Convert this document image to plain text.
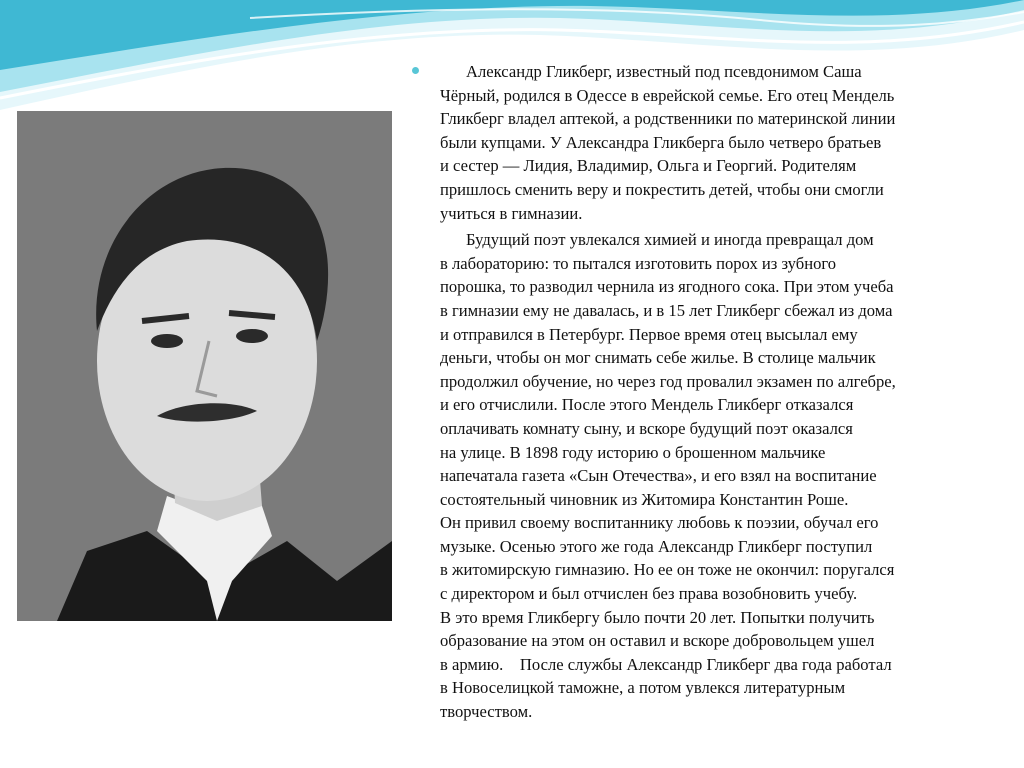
Александр Гликберг, известный под псевдонимом Саша
Чёрный, родился в Одессе в еврейской семье. Его отец Мендель
Гликберг владел аптекой, а родственники по материнской линии
были купцами. У Александра Гликберга было четверо братьев
и сестер — Лидия, Владимир, Ольга и Георгий. Родителям
пришлось сменить веру и покрестить детей, чтобы они смогли
учиться в гимназии.

Будущий поэт увлекался химией и иногда превращал дом
в лабораторию: то пытался изготовить порох из зубного
порошка, то разводил чернила из ягодного сока. При этом учеба
в гимназии ему не давалась, и в 15 лет Гликберг сбежал из дома
и отправился в Петербург. Первое время отец высылал ему
деньги, чтобы он мог снимать себе жилье. В столице мальчик
продолжил обучение, но через год провалил экзамен по алгебре,
и его отчислили. После этого Мендель Гликберг отказался
оплачивать комнату сыну, и вскоре будущий поэт оказался
на улице. В 1898 году историю о брошенном мальчике
напечатала газета «Сын Отечества», и его взял на воспитание
состоятельный чиновник из Житомира Константин Роше.
Он привил своему воспитаннику любовь к поэзии, обучал его
музыке. Осенью этого же года Александр Гликберг поступил
в житомирскую гимназию. Но ее он тоже не окончил: поругался
с директором и был отчислен без права возобновить учебу.
В это время Гликбергу было почти 20 лет. Попытки получить
образование на этом он оставил и вскоре добровольцем ушел
в армию.    После службы Александр Гликберг два года работал
в Новоселицкой таможне, а потом увлекся литературным
творчеством.
